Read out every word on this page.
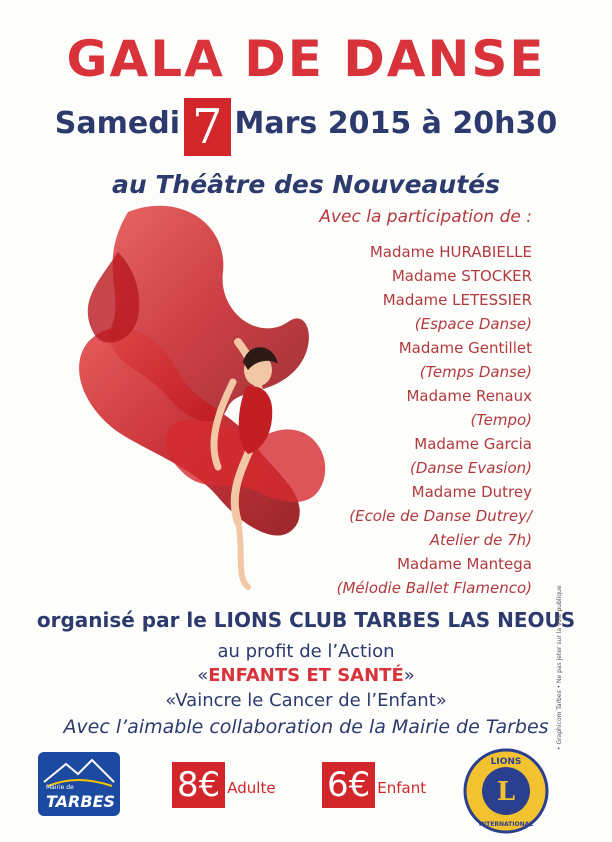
GALA DE DANSE
Samedi 7 Mars 2015 à 20h30
au Théâtre des Nouveautés
Avec la participation de :
Madame HURABIELLE
Madame STOCKER
Madame LETESSIER
(Espace Danse)
Madame Gentillet
(Temps Danse)
Madame Renaux
(Tempo)
Madame Garcia
(Danse Evasion)
Madame Dutrey
(Ecole de Danse Dutrey/
Atelier de 7h)
Madame Mantega
(Mélodie Ballet Flamenco)
organisé par le LIONS CLUB TARBES LAS NEOUS
au profit de l’Action
«ENFANTS ET SANTÉ»
«Vaincre le Cancer de l’Enfant»
Avec l’aimable collaboration de la Mairie de Tarbes	• Graphicom Tarbes • Ne pas jeter sur la voie publique
Mairie de
TARBES 8€ Adulte 6€ Enfant	L
LIONS
INTERNATIONAL
